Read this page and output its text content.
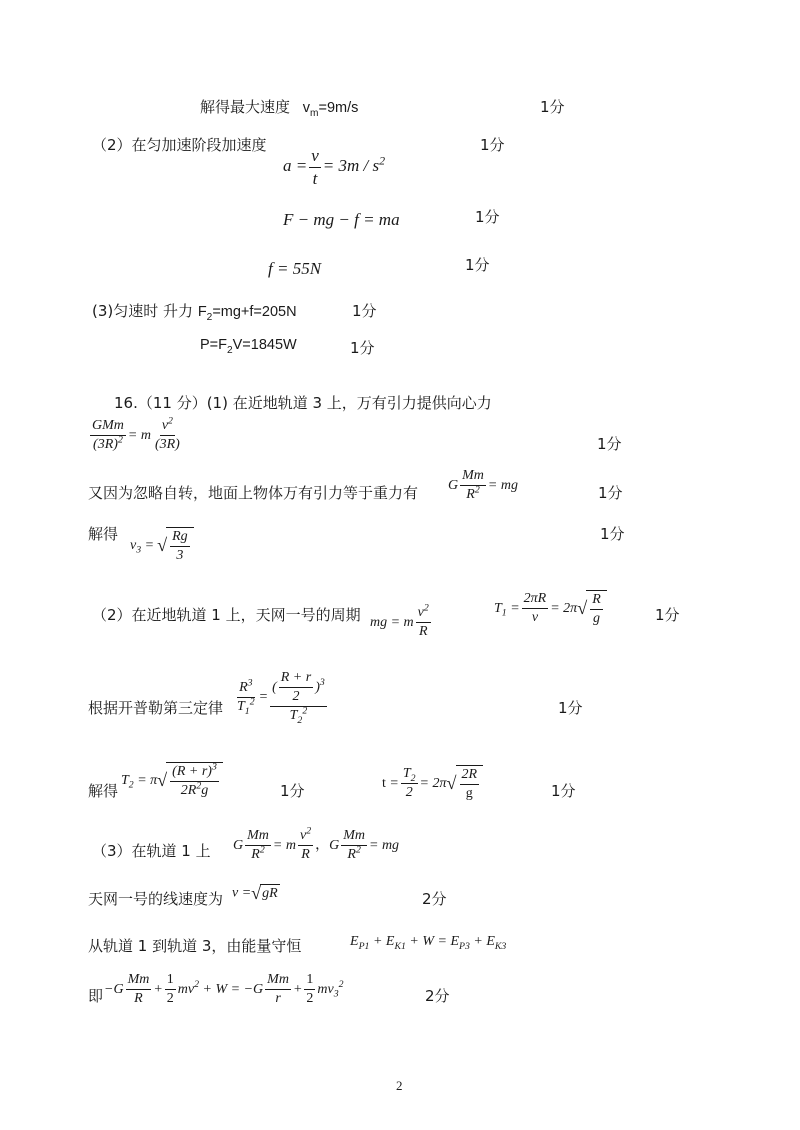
解得最大速度 $v_m=9m/s$	1分
（2）在匀加速阶段加速度	1分
$a = \frac{v}{t} = 3m / s^2$
F − mg − f = ma	1分
f = 55N	1分
(3)匀速时 升力 $F_2=mg+f=205N$	1分
$P=F_2V=1845W$	1分
16.（11 分）(1) 在近地轨道 3 上，万有引力提供向心力
$\frac{\text{GMm}}{(3R)^2} = m \frac{v^2}{(3R)}$	1分
又因为忽略自转，地面上物体万有引力等于重力有 G $\frac{Mm}{R^2}$ = mg	1分
解得
$v_3$ = √ $\frac{Rg}{3}$	1分
（2）在近地轨道 1 上，天网一号的周期 mg = m $\frac{v^2}{R}$	$T_1 = \frac{2\pi R}{v} = 2\pi$ √ $\frac{R}{g}$	1分
根据开普勒第三定律 $\frac{R^3}{T_1^2} = \frac{( \frac{R + r}{2} )^3}{T_2^2}$	1分
解得
$T_2 = \pi$ √ $\frac{(R + r)^3}{2R^2g}$	1分	$t = \frac{T_2}{2} = 2\pi$ √ $\frac{2R}{g}$	1分
（3）在轨道 1 上 G $\frac{Mm}{R^2} = m \frac{v^2}{R}$ ，G $\frac{Mm}{R^2}$ = mg
天网一号的线速度为 v = √ gR	2分
从轨道 1 到轨道 3，由能量守恒	$E_{P1} + E_{K1} + W = E_{P3} + E_{K3}$
即 $-G \frac{Mm}{R} + \frac{1}{2} mv^2 + W = -G \frac{Mm}{r} + \frac{1}{2} mv_3^2$
2分
2
